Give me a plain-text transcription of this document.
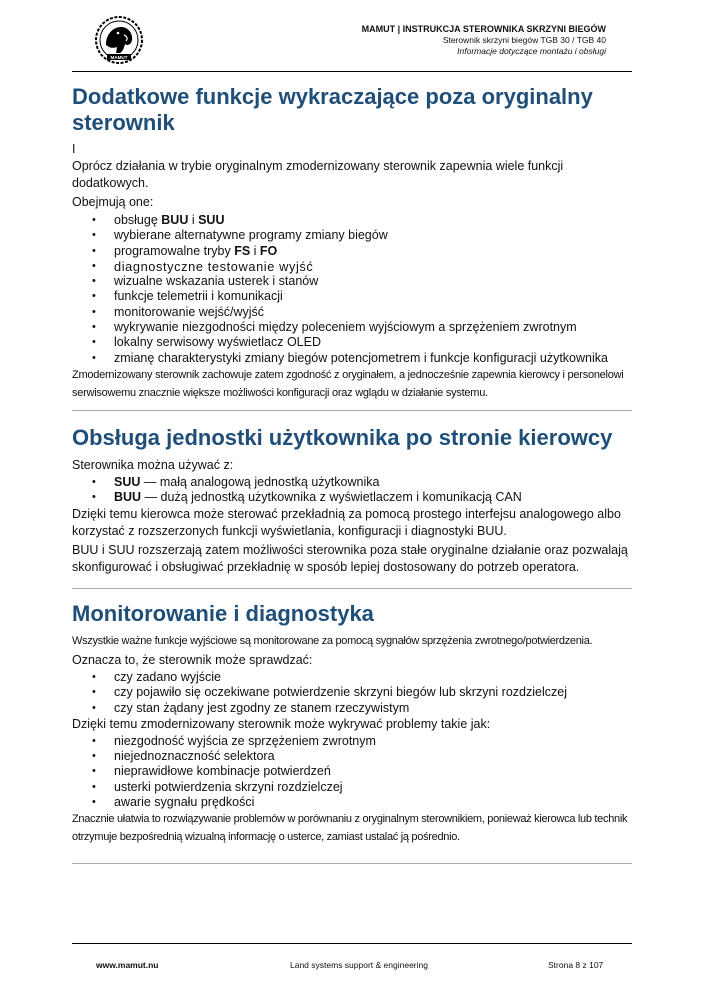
MAMUT
MAMUT | INSTRUKCJA STEROWNIKA SKRZYNI BIEGÓW
Sterownik skrzyni biegów TGB 30 / TGB 40
Informacje dotyczące montażu i obsługi
Dodatkowe funkcje wykraczające poza oryginalny sterownik

I

Oprócz działania w trybie oryginalnym zmodernizowany sterownik zapewnia wiele funkcji dodatkowych.

Obejmują one:

• obsługę BUU i SUU
• wybierane alternatywne programy zmiany biegów
• programowalne tryby FS i FO
• diagnostyczne testowanie wyjść
• wizualne wskazania usterek i stanów
• funkcje telemetrii i komunikacji
• monitorowanie wejść/wyjść
• wykrywanie niezgodności między poleceniem wyjściowym a sprzężeniem zwrotnym
• lokalny serwisowy wyświetlacz OLED
• zmianę charakterystyki zmiany biegów potencjometrem i funkcje konfiguracji użytkownika

Zmodernizowany sterownik zachowuje zatem zgodność z oryginałem, a jednocześnie zapewnia kierowcy i personelowi serwisowemu znacznie większe możliwości konfiguracji oraz wglądu w działanie systemu.

Obsługa jednostki użytkownika po stronie kierowcy

Sterownika można używać z:

• SUU — małą analogową jednostką użytkownika
• BUU — dużą jednostką użytkownika z wyświetlaczem i komunikacją CAN

Dzięki temu kierowca może sterować przekładnią za pomocą prostego interfejsu analogowego albo korzystać z rozszerzonych funkcji wyświetlania, konfiguracji i diagnostyki BUU.

BUU i SUU rozszerzają zatem możliwości sterownika poza stałe oryginalne działanie oraz pozwalają skonfigurować i obsługiwać przekładnię w sposób lepiej dostosowany do potrzeb operatora.

Monitorowanie i diagnostyka

Wszystkie ważne funkcje wyjściowe są monitorowane za pomocą sygnałów sprzężenia zwrotnego/potwierdzenia.

Oznacza to, że sterownik może sprawdzać:

• czy zadano wyjście
• czy pojawiło się oczekiwane potwierdzenie skrzyni biegów lub skrzyni rozdzielczej
• czy stan żądany jest zgodny ze stanem rzeczywistym

Dzięki temu zmodernizowany sterownik może wykrywać problemy takie jak:

• niezgodność wyjścia ze sprzężeniem zwrotnym
• niejednoznaczność selektora
• nieprawidłowe kombinacje potwierdzeń
• usterki potwierdzenia skrzyni rozdzielczej
• awarie sygnału prędkości

Znacznie ułatwia to rozwiązywanie problemów w porównaniu z oryginalnym sterownikiem, ponieważ kierowca lub technik otrzymuje bezpośrednią wizualną informację o usterce, zamiast ustalać ją pośrednio.

www.mamut.nu	Land systems support & engineering	Strona 8 z 107
